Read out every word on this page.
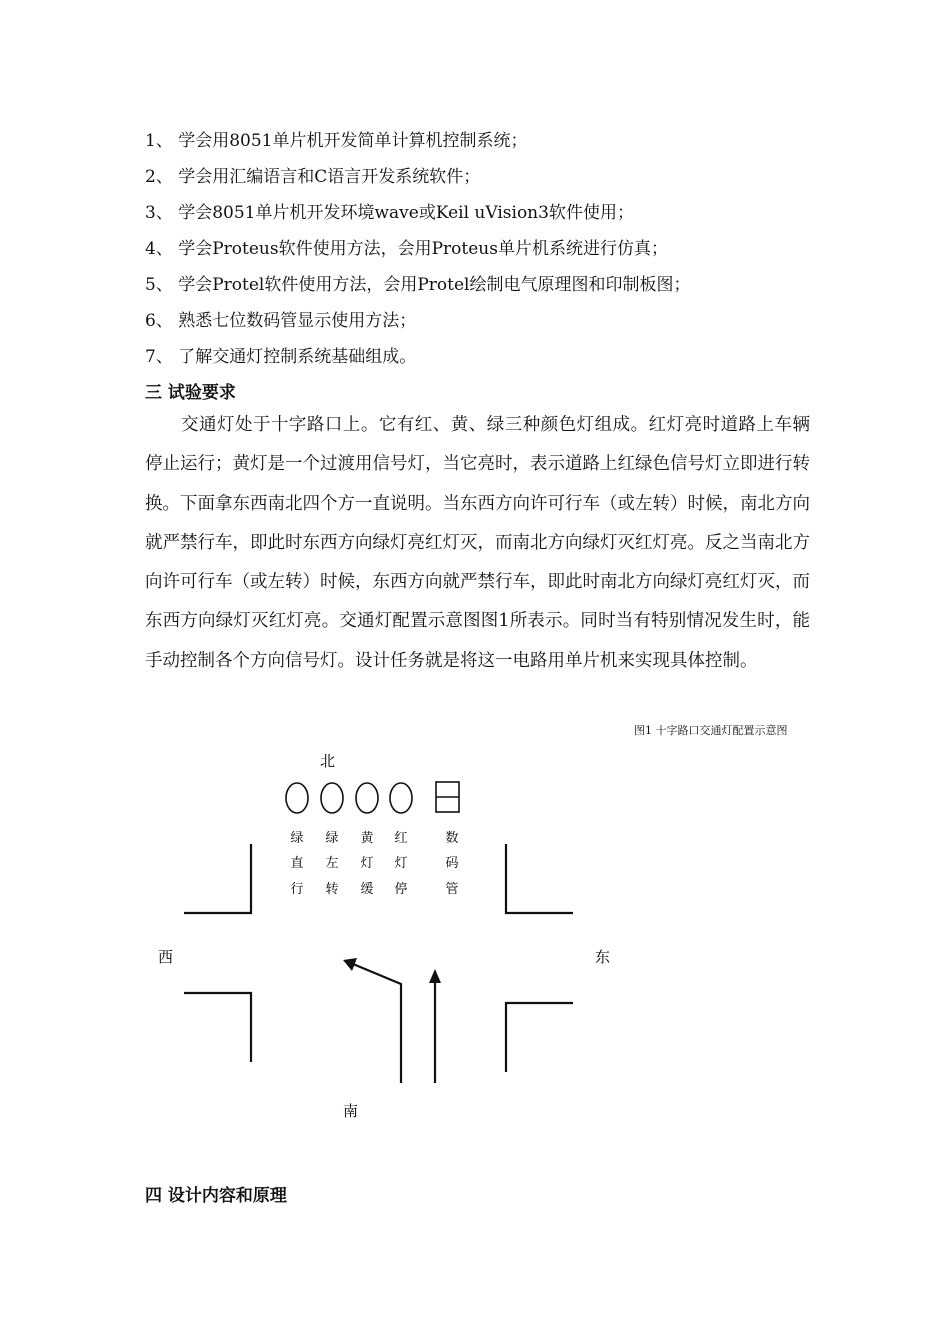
1、 学会用8051单片机开发简单计算机控制系统；
2、 学会用汇编语言和C语言开发系统软件；
3、 学会8051单片机开发环境wave或Keil uVision3软件使用；
4、 学会Proteus软件使用方法，会用Proteus单片机系统进行仿真；
5、 学会Protel软件使用方法，会用Protel绘制电气原理图和印制板图；
6、 熟悉七位数码管显示使用方法；
7、 了解交通灯控制系统基础组成。
三 试验要求
交通灯处于十字路口上。它有红、黄、绿三种颜色灯组成。红灯亮时道路上车辆停止运行；黄灯是一个过渡用信号灯，当它亮时，表示道路上红绿色信号灯立即进行转换。下面拿东西南北四个方一直说明。当东西方向许可行车（或左转）时候，南北方向就严禁行车，即此时东西方向绿灯亮红灯灭，而南北方向绿灯灭红灯亮。反之当南北方向许可行车（或左转）时候，东西方向就严禁行车，即此时南北方向绿灯亮红灯灭，而东西方向绿灯灭红灯亮。交通灯配置示意图图1所表示。同时当有特别情况发生时，能手动控制各个方向信号灯。设计任务就是将这一电路用单片机来实现具体控制。
图1 十字路口交通灯配置示意图
北
西	东
南
绿
直
行
绿
左
转
黄
灯
缓
红
灯
停
数
码
管
四 设计内容和原理
